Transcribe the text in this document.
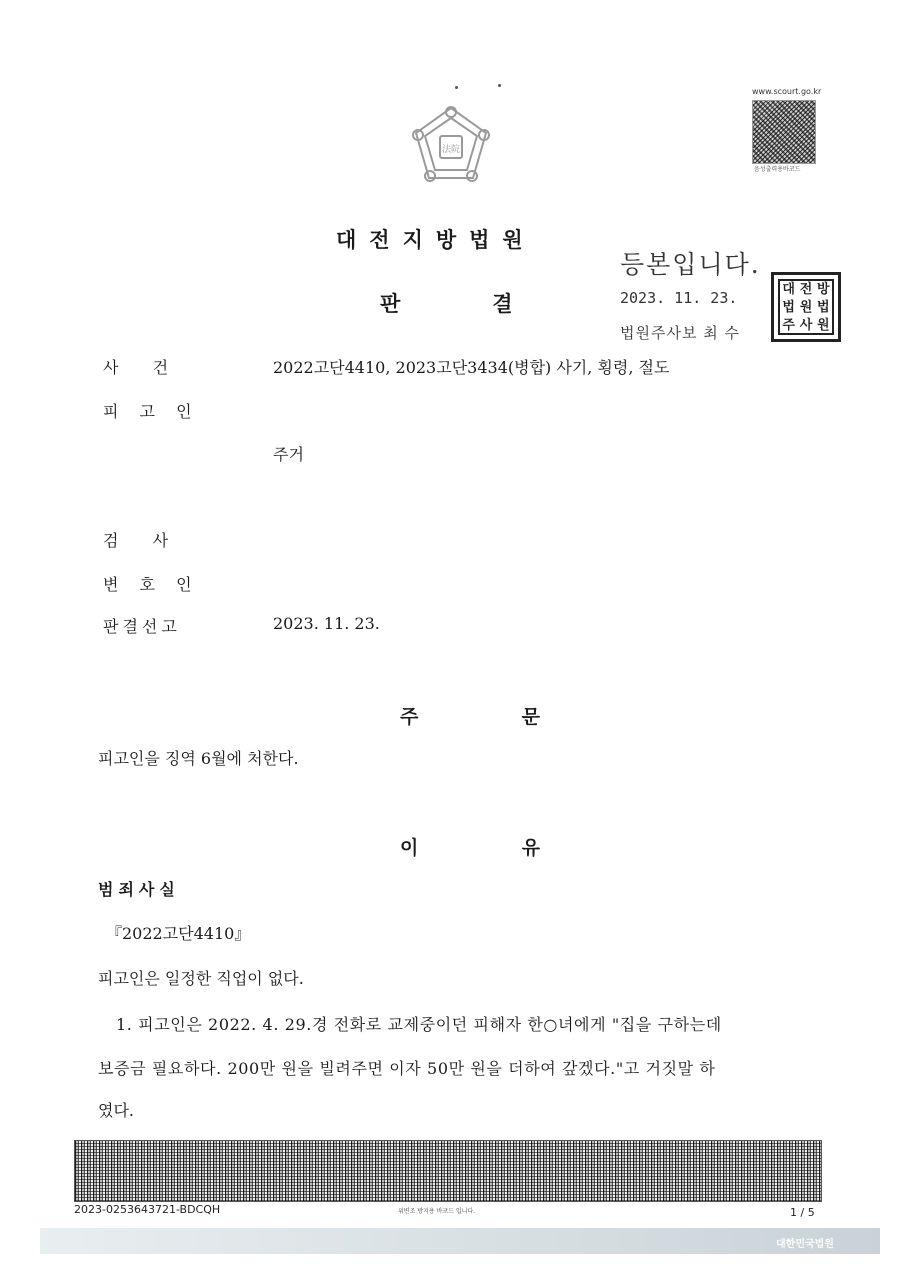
法院
www.scourt.go.kr
음성출력용바코드
대전지방법원
판	결
등본입니다.
2023. 11. 23.
법원주사보 최 수
대 전 방
법 원 법
주 사 원
사  건	2022고단4410, 2023고단3434(병합) 사기, 횡령, 절도
피 고 인
주거
검  사
변 호 인
판결선고	2023. 11. 23.
주  문
피고인을 징역 6월에 처한다.
이  유
범죄사실
『2022고단4410』
피고인은 일정한 직업이 없다.
1. 피고인은 2022. 4. 29.경 전화로 교제중이던 피해자 한○녀에게 "집을 구하는데
보증금 필요하다. 200만 원을 빌려주면 이자 50만 원을 더하여 갚겠다."고 거짓말 하
였다.
2023-0253643721-BDCQH	위변조 방지용 바코드 입니다.	1 / 5
대한민국법원
